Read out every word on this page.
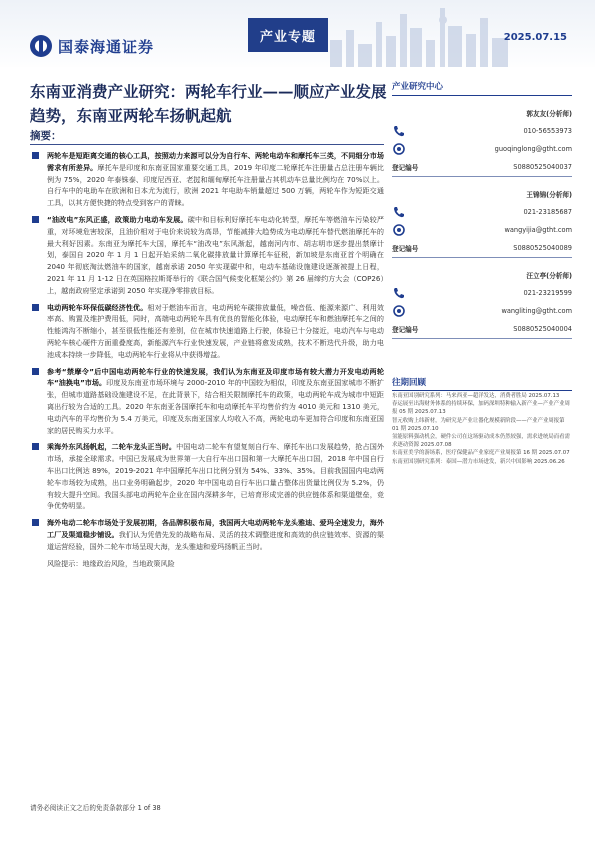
国泰海通证券
产业专题	2025.07.15
东南亚消费产业研究：两轮车行业——顺应产业发展趋势，东南亚两轮车扬帆起航
摘要：
两轮车是短距离交通的核心工具，按照动力来源可以分为自行车、两轮电动车和摩托车三类，不同细分市场需求有所差异。摩托车是印度和东南亚国家重要交通工具，2019 年印度二轮摩托车注册量占总注册车辆比例为 75%，2020 年泰铢泰、印度尼西亚、老挝和缅甸摩托车注册量占其机动车总量比例均在 70%以上。自行车中的电助车在欧洲和日本尤为流行，欧洲 2021 年电助车销量超过 500 万辆，两轮车作为短距交通工具，以其方便快捷的特点受到客户的青睐。
“油改电”东风正盛，政策助力电动车发展。碳中和目标利好摩托车电动化转型，摩托车等燃油车污染较严重，对环境危害较深，且油价相对于电价来说较为高昂，节能减排大趋势成为电动摩托车替代燃油摩托车的最大利好因素。东南亚为摩托车大国，摩托车“油改电”东风渐起，越南河内市、胡志明市逐步提出禁摩计划，泰国自 2020 年 1 月 1 日起开始采纳二氧化碳排放量计算摩托车征税，新加坡是东南亚首个明确在 2040 年彻底淘汰燃油车的国家，越南承诺 2050 年实现碳中和，电动车基础设施建设逐渐被提上日程，2021 年 11 月 1-12 日在英国格拉斯哥举行的《联合国气候变化框架公约》第 26 届缔约方大会（COP26）上，越南政府坚定承诺到 2050 年实现净零排放目标。
电动两轮车环保低碳经济性优。相对于燃油车而言，电动两轮车碳排放量低，噪音低、能源来源广、利用效率高、购置及维护费用低，同时，高端电动两轮车具有优良的智能化体验，电动摩托车和燃油摩托车之间的性能鸿沟不断缩小，甚至很低性能还有差别，位在城市快速道路上行驶，体验已十分接近，电动汽车与电动两轮车核心硬件方面重叠度高，新能源汽车行业快速发展，产业链将愈发成熟，技术不断迭代升级，助力电池成本持续一步降低，电动两轮车行业将从中获得增益。
参考“禁摩令”后中国电动两轮车行业的快速发展，我们认为东南亚及印度市场有较大潜力开发电动两轮车“油换电”市场。印度及东南亚市场环境与 2000-2010 年的中国较为相似，印度及东南亚国家城市不断扩张，但城市道路基础设施建设不足，在此背景下，结合相关限制摩托车的政策，电动两轮车成为城市中短距离出行较为合适的工具。2020 年东南亚各国摩托车和电动摩托车平均售价约为 4010 美元和 1310 美元，电动汽车的平均售价为 5.4 万美元，印度及东南亚国家人均收入不高，两轮电动车更加符合印度和东南亚国家的居民购买力水平。
乘海外东风扬帆起，二轮车龙头正当时。中国电动二轮车有望复刻自行车、摩托车出口发展趋势，抢占国外市场，承接全球需求。中国已发展成为世界第一大自行车出口国和第一大摩托车出口国，2018 年中国自行车出口比例达 89%，2019-2021 年中国摩托车出口比例分别为 54%、33%、35%。目前我国国内电动两轮车市场较为成熟，出口业务明确起步，2020 年中国电动自行车出口量占整体出货量比例仅为 5.2%，仍有较大提升空间。我国头部电动两轮车企业在国内深耕多年，已培育形成完善的供应链体系和渠道壁垒，竞争优势明显。
海外电动二轮车市场处于发展初期，各品牌积极布局，我国两大电动两轮车龙头雅迪、爱玛全速发力，海外工厂及渠道稳步铺设。我们认为凭借先发的战略布局、灵活的技术调整进度和高效的供应链效率、资源的渠道运营经验，国外二轮车市场呈现大海，龙头雅迪和爱玛扬帆正当时。
风险提示：地缘政治风险，当地政策风险
产业研究中心
郭友友(分析师)
010-56553973
guoqinglong@gtht.com
登记编号	S0880525040037
王锦锦(分析师)
021-23185687
wangyijia@gtht.com
登记编号	S0880525040089
汪立亭(分析师)
021-23219599
wangliting@gtht.com
登记编号	S0880525040004
往期回顾
东南亚国别研究系列：马来西亚—超洋发达，消费者胜局 2025.07.13
春运展至出海财务体系的持续环保，加码深圳特种输入新产业—产业产业周报 05 期 2025.07.13
智元收购上纬新材，为研究是产业让器化规模新阶段——产业产业周报第 01 期 2025.07.10
氢能原料强动机会，硬件公司在这场驱动成本仍然较强，需求进统局而看需求逐动资源 2025.07.08
东南亚美学的游场系，医疗保健品产业家庭产业周报第 16 期 2025.07.07
东南亚国别研究系列：泰国—潜力市场进发，新兴中国影响 2025.06.26
请务必阅读正文之后的免责条款部分 1 of 38
